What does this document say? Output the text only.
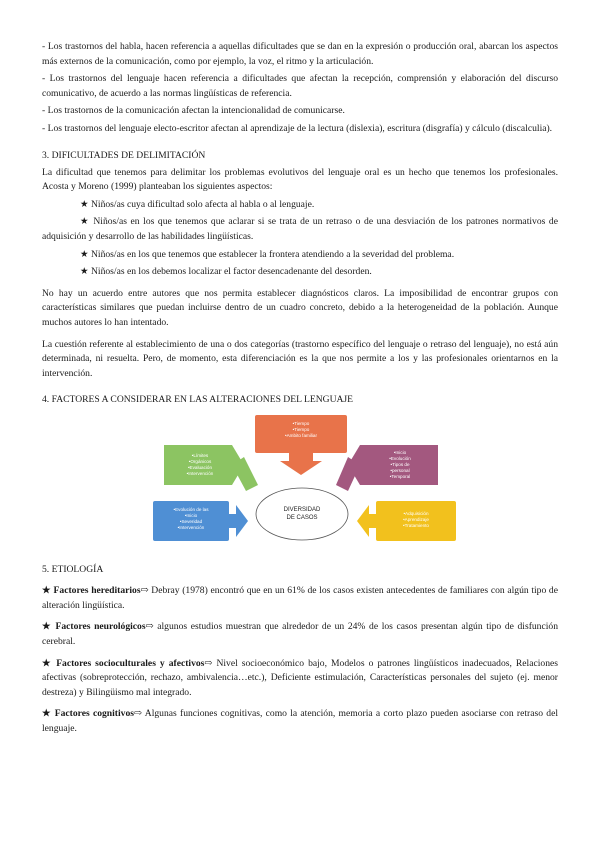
- Los trastornos del habla, hacen referencia a aquellas dificultades que se dan en la expresión o producción oral, abarcan los aspectos más externos de la comunicación, como por ejemplo, la voz, el ritmo y la articulación.

- Los trastornos del lenguaje hacen referencia a dificultades que afectan la recepción, comprensión y elaboración del discurso comunicativo, de acuerdo a las normas lingüísticas de referencia.

- Los trastornos de la comunicación afectan la intencionalidad de comunicarse.

- Los trastornos del lenguaje electo-escritor afectan al aprendizaje de la lectura (dislexia), escritura (disgrafía) y cálculo (discalculia).

3. DIFICULTADES DE DELIMITACIÓN

La dificultad que tenemos para delimitar los problemas evolutivos del lenguaje oral es un hecho que tenemos los profesionales. Acosta y Moreno (1999) planteaban los siguientes aspectos:

★ Niños/as cuya dificultad solo afecta al habla o al lenguaje.

★ Niños/as en los que tenemos que aclarar si se trata de un retraso o de una desviación de los patrones normativos de adquisición y desarrollo de las habilidades lingüísticas.

★ Niños/as en los que tenemos que establecer la frontera atendiendo a la severidad del problema.

★ Niños/as en los debemos localizar el factor desencadenante del desorden.

No hay un acuerdo entre autores que nos permita establecer diagnósticos claros. La imposibilidad de encontrar grupos con características similares que puedan incluirse dentro de un cuadro concreto, debido a la heterogeneidad de la población. Aunque muchos autores lo han intentado.

La cuestión referente al establecimiento de una o dos categorías (trastorno específico del lenguaje o retraso del lenguaje), no está aún determinada, ni resuelta. Pero, de momento, esta diferenciación es la que nos permite a los y las profesionales orientarnos en la intervención.

4. FACTORES A CONSIDERAR EN LAS ALTERACIONES DEL LENGUAJE
•Tiempo
•Tiempo
•Ambito familiar
•Límites
•Orgánicos
•Evaluación
•Intervención
•Inicio
•Evolución
•Tipos de
•personal
•Temporal
•Evolución de las
•Inicio
•Severidad
•Intervención
•Adquisición
•Aprendizaje
•Tratamiento
DIVERSIDAD
DE CASOS
5. ETIOLOGÍA

★ Factores hereditarios⇨ Debray (1978) encontró que en un 61% de los casos existen antecedentes de familiares con algún tipo de alteración lingüística.

★ Factores neurológicos⇨ algunos estudios muestran que alrededor de un 24% de los casos presentan algún tipo de disfunción cerebral.

★ Factores socioculturales y afectivos⇨ Nivel socioeconómico bajo, Modelos o patrones lingüísticos inadecuados, Relaciones afectivas (sobreprotección, rechazo, ambivalencia…etc.), Deficiente estimulación, Características personales del sujeto (ej. menor destreza) y Bilingüismo mal integrado.

★ Factores cognitivos⇨ Algunas funciones cognitivas, como la atención, memoria a corto plazo pueden asociarse con retraso del lenguaje.
